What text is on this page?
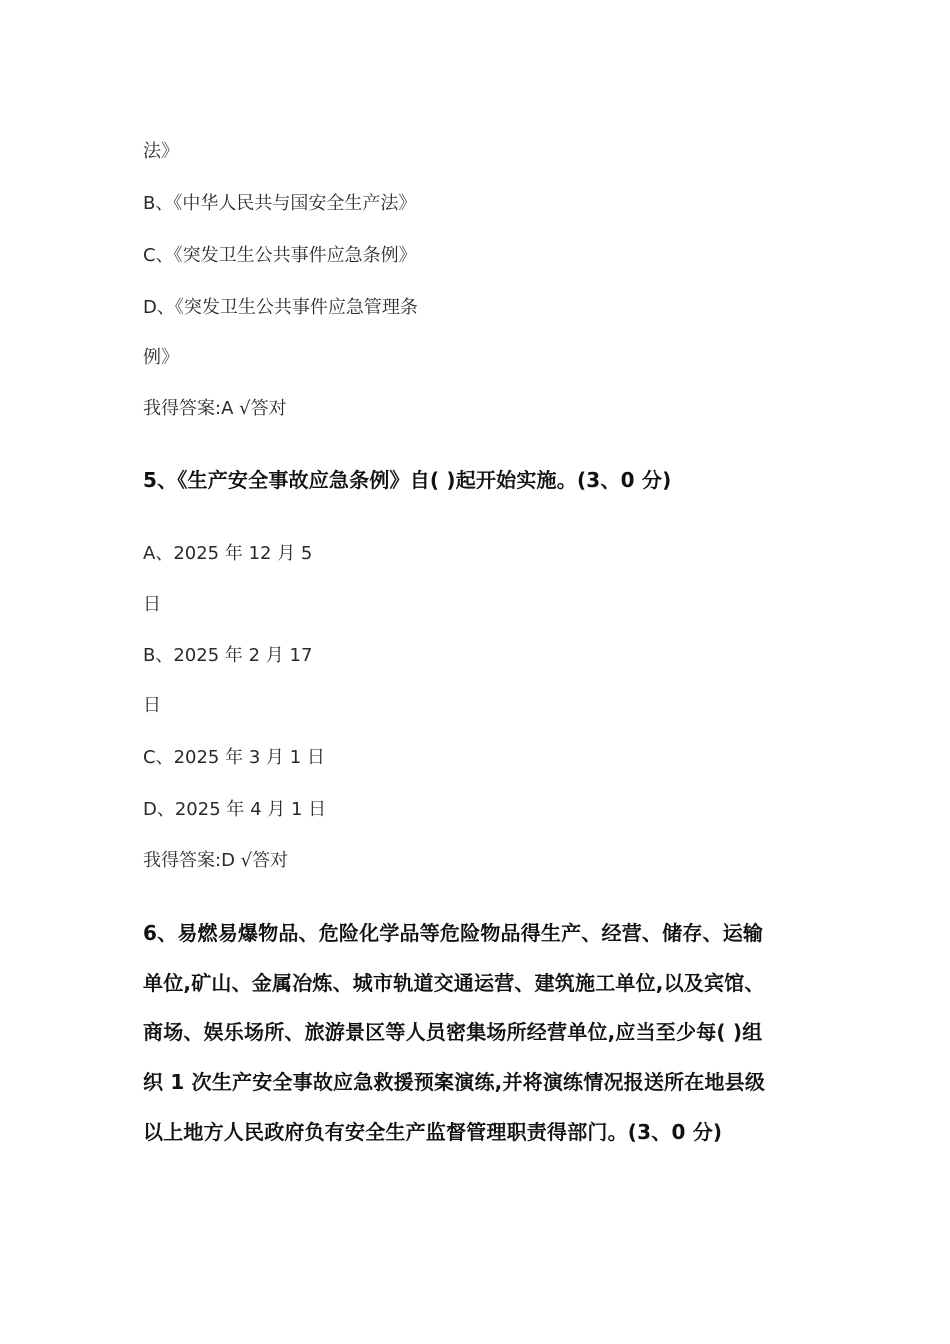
法》
B、《中华人民共与国安全生产法》
C、《突发卫生公共事件应急条例》
D、《突发卫生公共事件应急管理条
例》
我得答案:A √答对
5、《生产安全事故应急条例》自( )起开始实施。(3、0 分)
A、2025 年 12 月 5
日
B、2025 年 2 月 17
日
C、2025 年 3 月 1 日
D、2025 年 4 月 1 日
我得答案:D √答对
6、易燃易爆物品、危险化学品等危险物品得生产、经营、储存、运输
单位,矿山、金属冶炼、城市轨道交通运营、建筑施工单位,以及宾馆、
商场、娱乐场所、旅游景区等人员密集场所经营单位,应当至少每( )组
织 1 次生产安全事故应急救援预案演练,并将演练情况报送所在地县级
以上地方人民政府负有安全生产监督管理职责得部门。(3、0 分)
